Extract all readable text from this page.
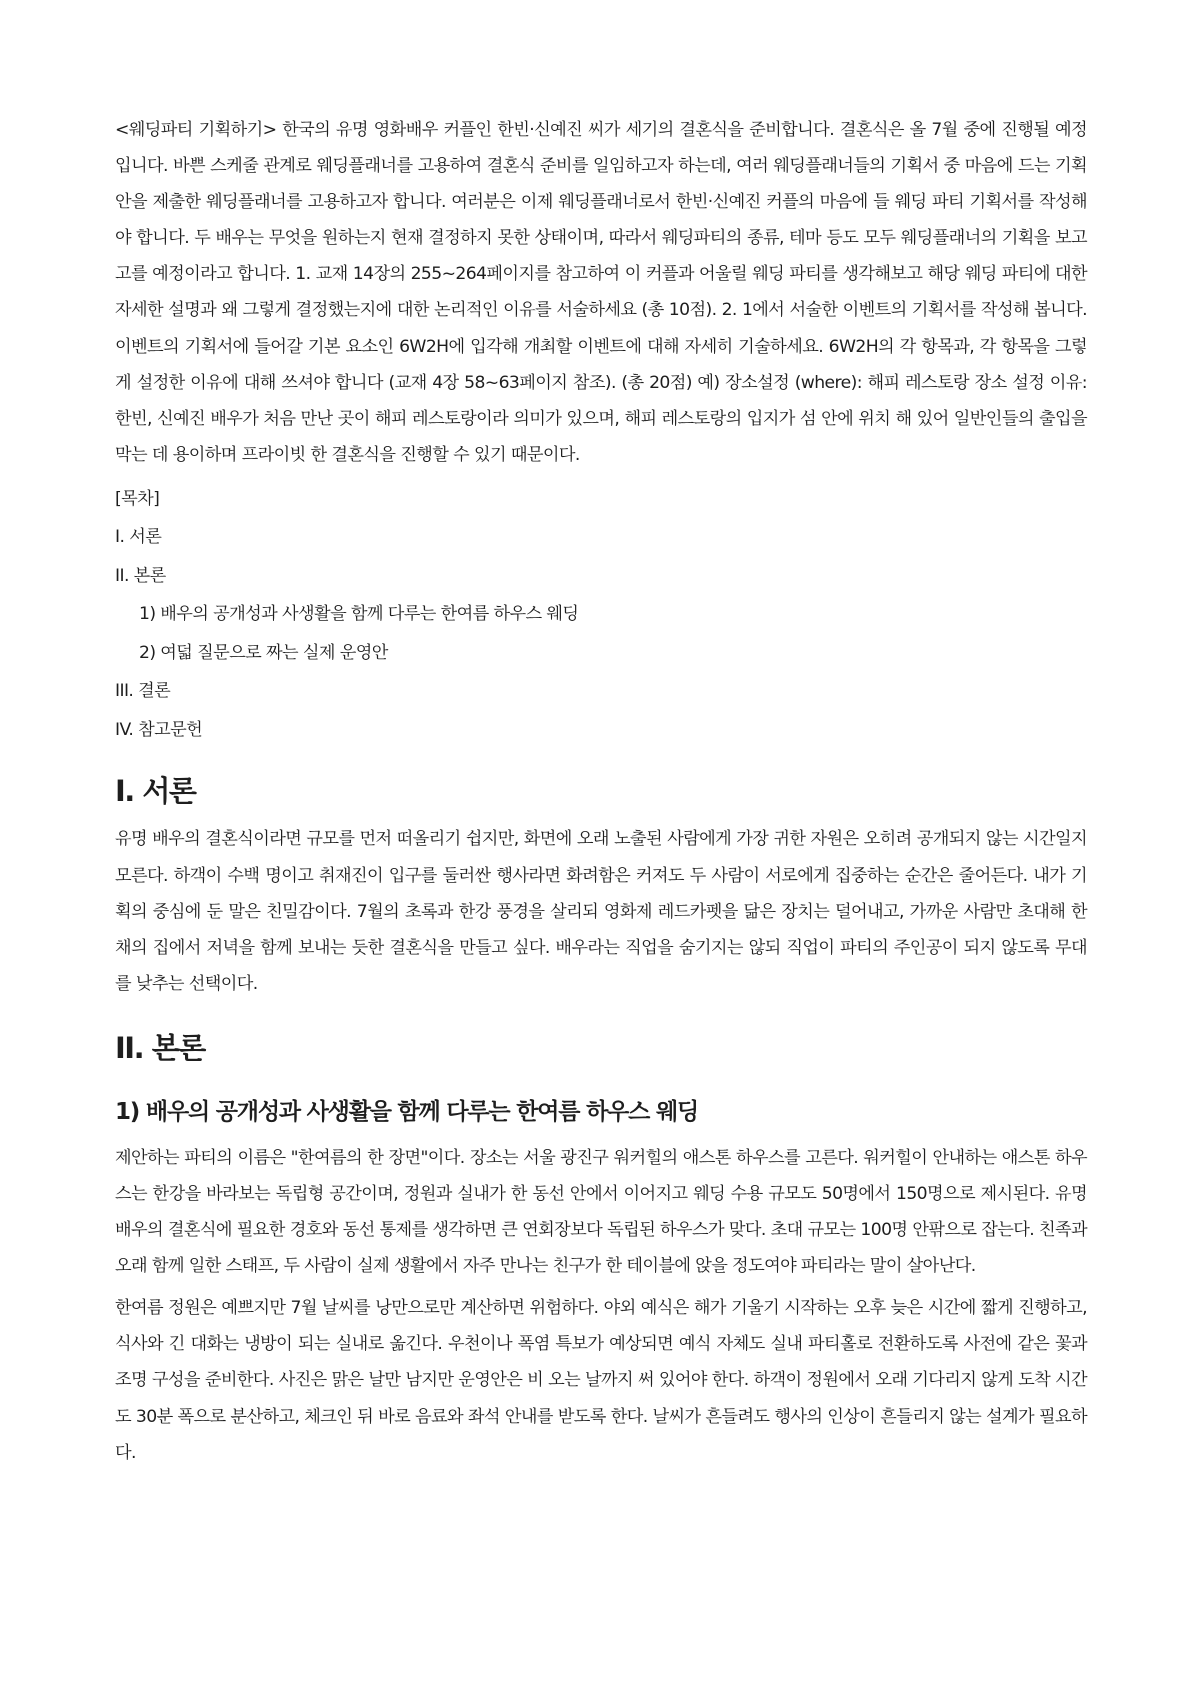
<웨딩파티 기획하기> 한국의 유명 영화배우 커플인 한빈·신예진 씨가 세기의 결혼식을 준비합니다. 결혼식은 올 7월 중에 진행될 예정입니다. 바쁜 스케줄 관계로 웨딩플래너를 고용하여 결혼식 준비를 일임하고자 하는데, 여러 웨딩플래너들의 기획서 중 마음에 드는 기획안을 제출한 웨딩플래너를 고용하고자 합니다. 여러분은 이제 웨딩플래너로서 한빈·신예진 커플의 마음에 들 웨딩 파티 기획서를 작성해야 합니다. 두 배우는 무엇을 원하는지 현재 결정하지 못한 상태이며, 따라서 웨딩파티의 종류, 테마 등도 모두 웨딩플래너의 기획을 보고 고를 예정이라고 합니다. 1. 교재 14장의 255~264페이지를 참고하여 이 커플과 어울릴 웨딩 파티를 생각해보고 해당 웨딩 파티에 대한 자세한 설명과 왜 그렇게 결정했는지에 대한 논리적인 이유를 서술하세요 (총 10점). 2. 1에서 서술한 이벤트의 기획서를 작성해 봅니다. 이벤트의 기획서에 들어갈 기본 요소인 6W2H에 입각해 개최할 이벤트에 대해 자세히 기술하세요. 6W2H의 각 항목과, 각 항목을 그렇게 설정한 이유에 대해 쓰셔야 합니다 (교재 4장 58~63페이지 참조). (총 20점) 예) 장소설정 (where): 해피 레스토랑 장소 설정 이유: 한빈, 신예진 배우가 처음 만난 곳이 해피 레스토랑이라 의미가 있으며, 해피 레스토랑의 입지가 섬 안에 위치 해 있어 일반인들의 출입을 막는 데 용이하며 프라이빗 한 결혼식을 진행할 수 있기 때문이다.

[목차]

I. 서론

II. 본론

1) 배우의 공개성과 사생활을 함께 다루는 한여름 하우스 웨딩

2) 여덟 질문으로 짜는 실제 운영안

III. 결론

IV. 참고문헌

I. 서론

유명 배우의 결혼식이라면 규모를 먼저 떠올리기 쉽지만, 화면에 오래 노출된 사람에게 가장 귀한 자원은 오히려 공개되지 않는 시간일지 모른다. 하객이 수백 명이고 취재진이 입구를 둘러싼 행사라면 화려함은 커져도 두 사람이 서로에게 집중하는 순간은 줄어든다. 내가 기획의 중심에 둔 말은 친밀감이다. 7월의 초록과 한강 풍경을 살리되 영화제 레드카펫을 닮은 장치는 덜어내고, 가까운 사람만 초대해 한 채의 집에서 저녁을 함께 보내는 듯한 결혼식을 만들고 싶다. 배우라는 직업을 숨기지는 않되 직업이 파티의 주인공이 되지 않도록 무대를 낮추는 선택이다.

II. 본론
1) 배우의 공개성과 사생활을 함께 다루는 한여름 하우스 웨딩

제안하는 파티의 이름은 "한여름의 한 장면"이다. 장소는 서울 광진구 워커힐의 애스톤 하우스를 고른다. 워커힐이 안내하는 애스톤 하우스는 한강을 바라보는 독립형 공간이며, 정원과 실내가 한 동선 안에서 이어지고 웨딩 수용 규모도 50명에서 150명으로 제시된다. 유명 배우의 결혼식에 필요한 경호와 동선 통제를 생각하면 큰 연회장보다 독립된 하우스가 맞다. 초대 규모는 100명 안팎으로 잡는다. 친족과 오래 함께 일한 스태프, 두 사람이 실제 생활에서 자주 만나는 친구가 한 테이블에 앉을 정도여야 파티라는 말이 살아난다.

한여름 정원은 예쁘지만 7월 날씨를 낭만으로만 계산하면 위험하다. 야외 예식은 해가 기울기 시작하는 오후 늦은 시간에 짧게 진행하고, 식사와 긴 대화는 냉방이 되는 실내로 옮긴다. 우천이나 폭염 특보가 예상되면 예식 자체도 실내 파티홀로 전환하도록 사전에 같은 꽃과 조명 구성을 준비한다. 사진은 맑은 날만 남지만 운영안은 비 오는 날까지 써 있어야 한다. 하객이 정원에서 오래 기다리지 않게 도착 시간도 30분 폭으로 분산하고, 체크인 뒤 바로 음료와 좌석 안내를 받도록 한다. 날씨가 흔들려도 행사의 인상이 흔들리지 않는 설계가 필요하다.
